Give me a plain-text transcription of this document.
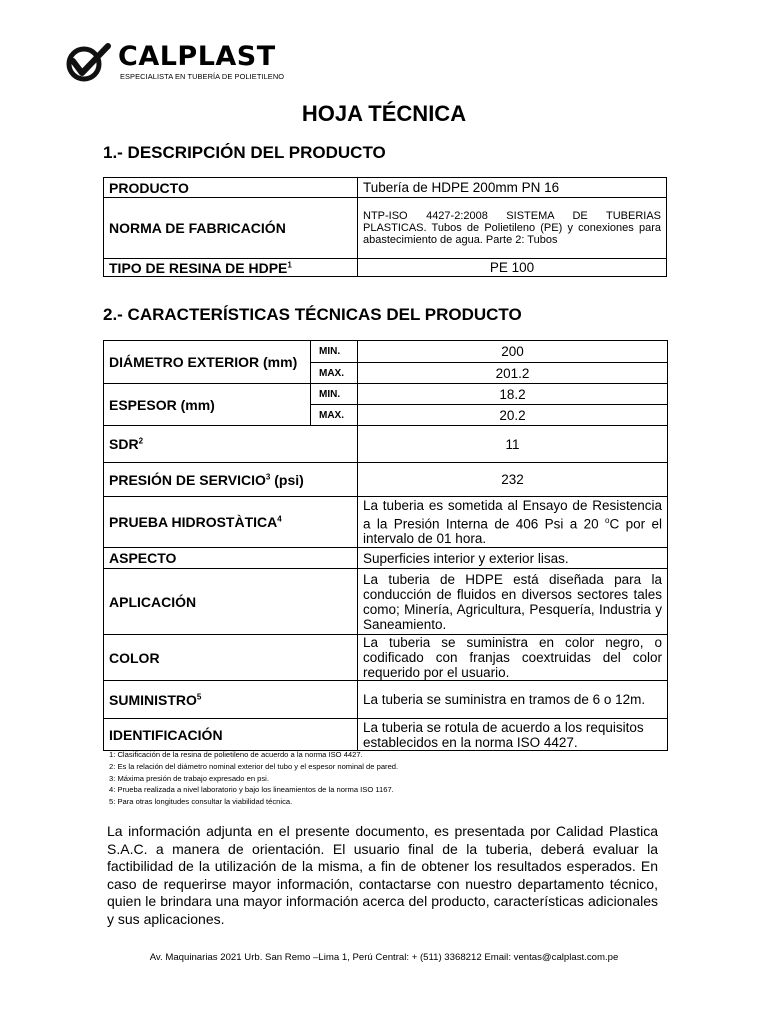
CALPLAST
ESPECIALISTA EN TUBERÍA DE POLIETILENO
HOJA TÉCNICA
1.- DESCRIPCIÓN DEL PRODUCTO
PRODUCTO	Tubería de HDPE 200mm PN 16
NORMA DE FABRICACIÓN	NTP-ISO 4427-2:2008 SISTEMA DE TUBERIAS PLASTICAS. Tubos de Polietileno (PE) y conexiones para abastecimiento de agua. Parte 2: Tubos
TIPO DE RESINA DE HDPE$^1$	PE 100
2.- CARACTERÍSTICAS TÉCNICAS DEL PRODUCTO
DIÁMETRO EXTERIOR (mm)	MIN.	200
	MAX.	201.2
ESPESOR (mm)	MIN.	18.2
	MAX.	20.2
SDR$^2$		11
PRESIÓN DE SERVICIO$^3$ (psi)		232
PRUEBA HIDROSTÀTICA$^4$		La tuberia es sometida al Ensayo de Resistencia a la Presión Interna de 406 Psi a 20 $^o$C por el intervalo de 01 hora.
ASPECTO		Superficies interior y exterior lisas.
APLICACIÓN		La tuberia de HDPE está diseñada para la conducción de fluidos en diversos sectores tales como; Minería, Agricultura, Pesquería, Industria y Saneamiento.
COLOR		La tuberia se suministra en color negro, o codificado con franjas coextruidas del color requerido por el usuario.
SUMINISTRO$^5$		La tuberia se suministra en tramos de 6 o 12m.
IDENTIFICACIÓN		La tuberia se rotula de acuerdo a los requisitos establecidos en la norma ISO 4427.
1: Clasificación de la resina de polietileno de acuerdo a la norma ISO 4427.
2: Es la relación del diámetro nominal exterior del tubo y el espesor nominal de pared.
3: Máxima presión de trabajo expresado en psi.
4: Prueba realizada a nivel laboratorio y bajo los lineamientos de la norma ISO 1167.
5: Para otras longitudes consultar la viabilidad técnica.
La información adjunta en el presente documento, es presentada por Calidad Plastica S.A.C. a manera de orientación. El usuario final de la tuberia, deberá evaluar la factibilidad de la utilización de la misma, a fin de obtener los resultados esperados. En caso de requerirse mayor información, contactarse con nuestro departamento técnico, quien le brindara una mayor información acerca del producto, características adicionales y sus aplicaciones.
Av. Maquinarias 2021 Urb. San Remo –Lima 1, Perú Central: + (511) 3368212 Email: ventas@calplast.com.pe
